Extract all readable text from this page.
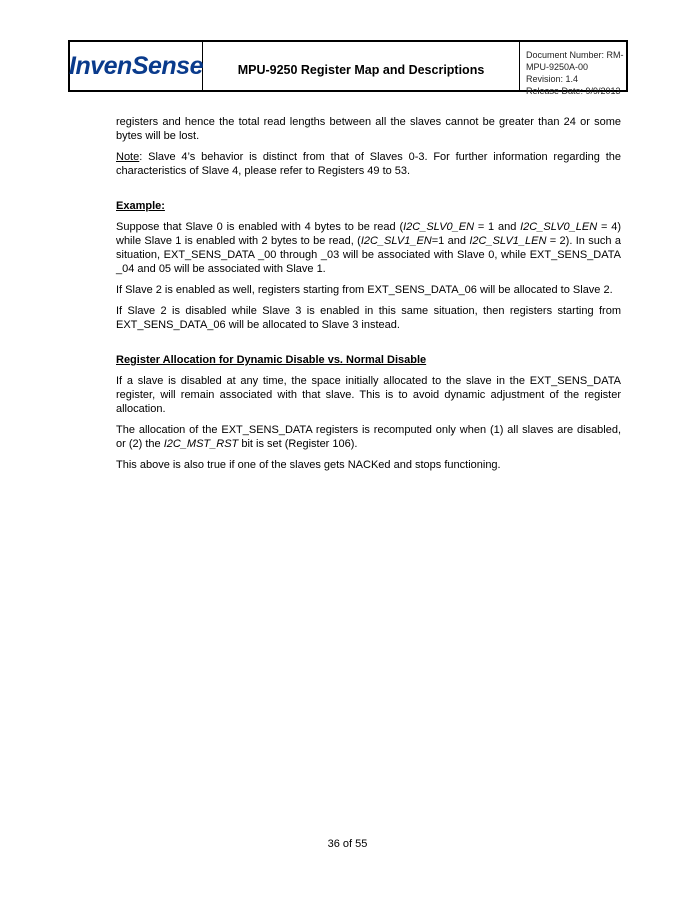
InvenSense	MPU-9250 Register Map and Descriptions
Document Number: RM-MPU-9250A-00
Revision: 1.4
Release Date: 9/9/2013

registers and hence the total read lengths between all the slaves cannot be greater than 24 or some bytes will be lost.

Note: Slave 4’s behavior is distinct from that of Slaves 0-3. For further information regarding the characteristics of Slave 4, please refer to Registers 49 to 53.

Example:

Suppose that Slave 0 is enabled with 4 bytes to be read (I2C_SLV0_EN = 1 and I2C_SLV0_LEN = 4) while Slave 1 is enabled with 2 bytes to be read, (I2C_SLV1_EN=1 and I2C_SLV1_LEN = 2). In such a situation, EXT_SENS_DATA _00 through _03 will be associated with Slave 0, while EXT_SENS_DATA _04 and 05 will be associated with Slave 1.

If Slave 2 is enabled as well, registers starting from EXT_SENS_DATA_06 will be allocated to Slave 2.

If Slave 2 is disabled while Slave 3 is enabled in this same situation, then registers starting from EXT_SENS_DATA_06 will be allocated to Slave 3 instead.

Register Allocation for Dynamic Disable vs. Normal Disable

If a slave is disabled at any time, the space initially allocated to the slave in the EXT_SENS_DATA register, will remain associated with that slave. This is to avoid dynamic adjustment of the register allocation.

The allocation of the EXT_SENS_DATA registers is recomputed only when (1) all slaves are disabled, or (2) the I2C_MST_RST bit is set (Register 106).

This above is also true if one of the slaves gets NACKed and stops functioning.

36 of 55
